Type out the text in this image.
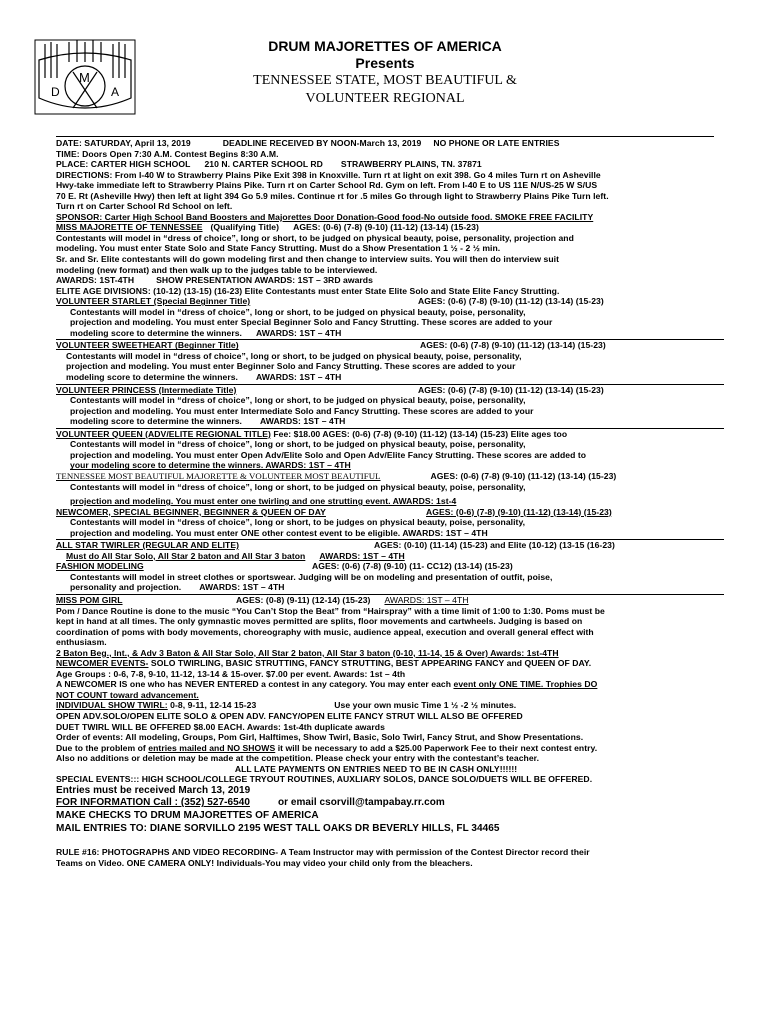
D
M
A
DRUM MAJORETTES OF AMERICA
Presents
TENNESSEE STATE, MOST BEAUTIFUL &
VOLUNTEER REGIONAL

DATE: SATURDAY, April 13, 2019	DEADLINE RECEIVED BY NOON-March 13, 2019 NO PHONE OR LATE ENTRIES

TIME: Doors Open 7:30 A.M. Contest Begins 8:30 A.M.

PLACE: CARTER HIGH SCHOOL 210 N. CARTER SCHOOL RD STRAWBERRY PLAINS, TN. 37871

DIRECTIONS: From I-40 W to Strawberry Plains Pike Exit 398 in Knoxville. Turn rt at light on exit 398. Go 4 miles Turn rt on Asheville

Hwy-take immediate left to Strawberry Plains Pike. Turn rt on Carter School Rd. Gym on left. From I-40 E to US 11E N/US-25 W S/US

70 E. Rt (Asheville Hwy) then left at light 394 Go 5.9 miles. Continue rt for .5 miles Go through light to Strawberry Plains Pike Turn left.

Turn rt on Carter School Rd School on left.

SPONSOR: Carter High School Band Boosters and Majorettes Door Donation-Good food-No outside food. SMOKE FREE FACILITY

MISS MAJORETTE OF TENNESSEE (Qualifying Title) AGES: (0-6) (7-8) (9-10) (11-12) (13-14) (15-23)

Contestants will model in “dress of choice”, long or short, to be judged on physical beauty, poise, personality, projection and

modeling. You must enter State Solo and State Fancy Strutting. Must do a Show Presentation 1 ½ - 2 ½ min.

Sr. and Sr. Elite contestants will do gown modeling first and then change to interview suits. You will then do interview suit

modeling (new format) and then walk up to the judges table to be interviewed.

AWARDS: 1ST-4TH	SHOW PRESENTATION AWARDS: 1ST – 3RD awards

ELITE AGE DIVISIONS: (10-12) (13-15) (16-23) Elite Contestants must enter State Elite Solo and State Elite Fancy Strutting.

VOLUNTEER STARLET (Special Beginner Title)	AGES: (0-6) (7-8) (9-10) (11-12) (13-14) (15-23)

Contestants will model in “dress of choice”, long or short, to be judged on physical beauty, poise, personality,

projection and modeling. You must enter Special Beginner Solo and Fancy Strutting. These scores are added to your

modeling score to determine the winners. AWARDS: 1ST – 4TH

VOLUNTEER SWEETHEART (Beginner Title)	AGES: (0-6) (7-8) (9-10) (11-12) (13-14) (15-23)

Contestants will model in “dress of choice”, long or short, to be judged on physical beauty, poise, personality,

projection and modeling. You must enter Beginner Solo and Fancy Strutting. These scores are added to your

modeling score to determine the winners. AWARDS: 1ST – 4TH

VOLUNTEER PRINCESS (Intermediate Title)	AGES: (0-6) (7-8) (9-10) (11-12) (13-14) (15-23)

Contestants will model in “dress of choice”, long or short, to be judged on physical beauty, poise, personality,

projection and modeling. You must enter Intermediate Solo and Fancy Strutting. These scores are added to your

modeling score to determine the winners. AWARDS: 1ST – 4TH

VOLUNTEER QUEEN (ADV/ELITE REGIONAL TITLE) Fee: $18.00 AGES: (0-6) (7-8) (9-10) (11-12) (13-14) (15-23) Elite ages too

Contestants will model in “dress of choice”, long or short, to be judged on physical beauty, poise, personality,

projection and modeling. You must enter Open Adv/Elite Solo and Open Adv/Elite Fancy Strutting. These scores are added to

your modeling score to determine the winners. AWARDS: 1ST – 4TH

TENNESSEE MOST BEAUTIFUL MAJORETTE & VOLUNTEER MOST BEAUTIFUL	AGES: (0-6) (7-8) (9-10) (11-12) (13-14) (15-23)

Contestants will model in “dress of choice”, long or short, to be judged on physical beauty, poise, personality,

projection and modeling. You must enter one twirling and one strutting event. AWARDS: 1st-4

NEWCOMER, SPECIAL BEGINNER, BEGINNER & QUEEN OF DAY	AGES: (0-6) (7-8) (9-10) (11-12) (13-14) (15-23)

Contestants will model in “dress of choice”, long or short, to be judges on physical beauty, poise, personality,

projection and modeling. You must enter ONE other contest event to be eligible. AWARDS: 1ST – 4TH

ALL STAR TWIRLER (REGULAR AND ELITE)	AGES: (0-10) (11-14) (15-23) and Elite (10-12) (13-15 (16-23)

Must do All Star Solo, All Star 2 baton and All Star 3 baton AWARDS: 1ST – 4TH

FASHION MODELING	AGES: (0-6) (7-8) (9-10) (11- CC12) (13-14) (15-23)

Contestants will model in street clothes or sportswear. Judging will be on modeling and presentation of outfit, poise,

personality and projection. AWARDS: 1ST – 4TH

MISS POM GIRL	AGES: (0-8) (9-11) (12-14) (15-23) AWARDS: 1ST – 4TH

Pom / Dance Routine is done to the music “You Can’t Stop the Beat” from “Hairspray” with a time limit of 1:00 to 1:30. Poms must be

kept in hand at all times. The only gymnastic moves permitted are splits, floor movements and cartwheels. Judging is based on

coordination of poms with body movements, choreography with music, audience appeal, execution and overall general effect with

enthusiasm.

2 Baton Beg., Int., & Adv 3 Baton & All Star Solo, All Star 2 baton, All Star 3 baton (0-10, 11-14, 15 & Over) Awards: 1st-4TH

NEWCOMER EVENTS- SOLO TWIRLING, BASIC STRUTTING, FANCY STRUTTING, BEST APPEARING FANCY and QUEEN OF DAY.

Age Groups : 0-6, 7-8, 9-10, 11-12, 13-14 & 15-over. $7.00 per event. Awards: 1st – 4th

A NEWCOMER IS one who has NEVER ENTERED a contest in any category. You may enter each event only ONE TIME. Trophies DO

NOT COUNT toward advancement.

INDIVIDUAL SHOW TWIRL: 0-8, 9-11, 12-14 15-23	Use your own music Time 1 ½ -2 ½ minutes.

OPEN ADV.SOLO/OPEN ELITE SOLO & OPEN ADV. FANCY/OPEN ELITE FANCY STRUT WILL ALSO BE OFFERED

DUET TWIRL WILL BE OFFERED $8.00 EACH. Awards: 1st-4th duplicate awards

Order of events: All modeling, Groups, Pom Girl, Halftimes, Show Twirl, Basic, Solo Twirl, Fancy Strut, and Show Presentations.

Due to the problem of entries mailed and NO SHOWS it will be necessary to add a $25.00 Paperwork Fee to their next contest entry.

Also no additions or deletion may be made at the competition. Please check your entry with the contestant’s teacher.

ALL LATE PAYMENTS ON ENTRIES NEED TO BE IN CASH ONLY!!!!!!

SPECIAL EVENTS::: HIGH SCHOOL/COLLEGE TRYOUT ROUTINES, AUXLIARY SOLOS, DANCE SOLO/DUETS WILL BE OFFERED.

Entries must be received March 13, 2019

FOR INFORMATION Call : (352) 527-6540	or email csorvill@tampabay.rr.com

MAKE CHECKS TO DRUM MAJORETTES OF AMERICA

MAIL ENTRIES TO: DIANE SORVILLO 2195 WEST TALL OAKS DR BEVERLY HILLS, FL 34465

RULE #16: PHOTOGRAPHS AND VIDEO RECORDING- A Team Instructor may with permission of the Contest Director record their

Teams on Video. ONE CAMERA ONLY! Individuals-You may video your child only from the bleachers.
